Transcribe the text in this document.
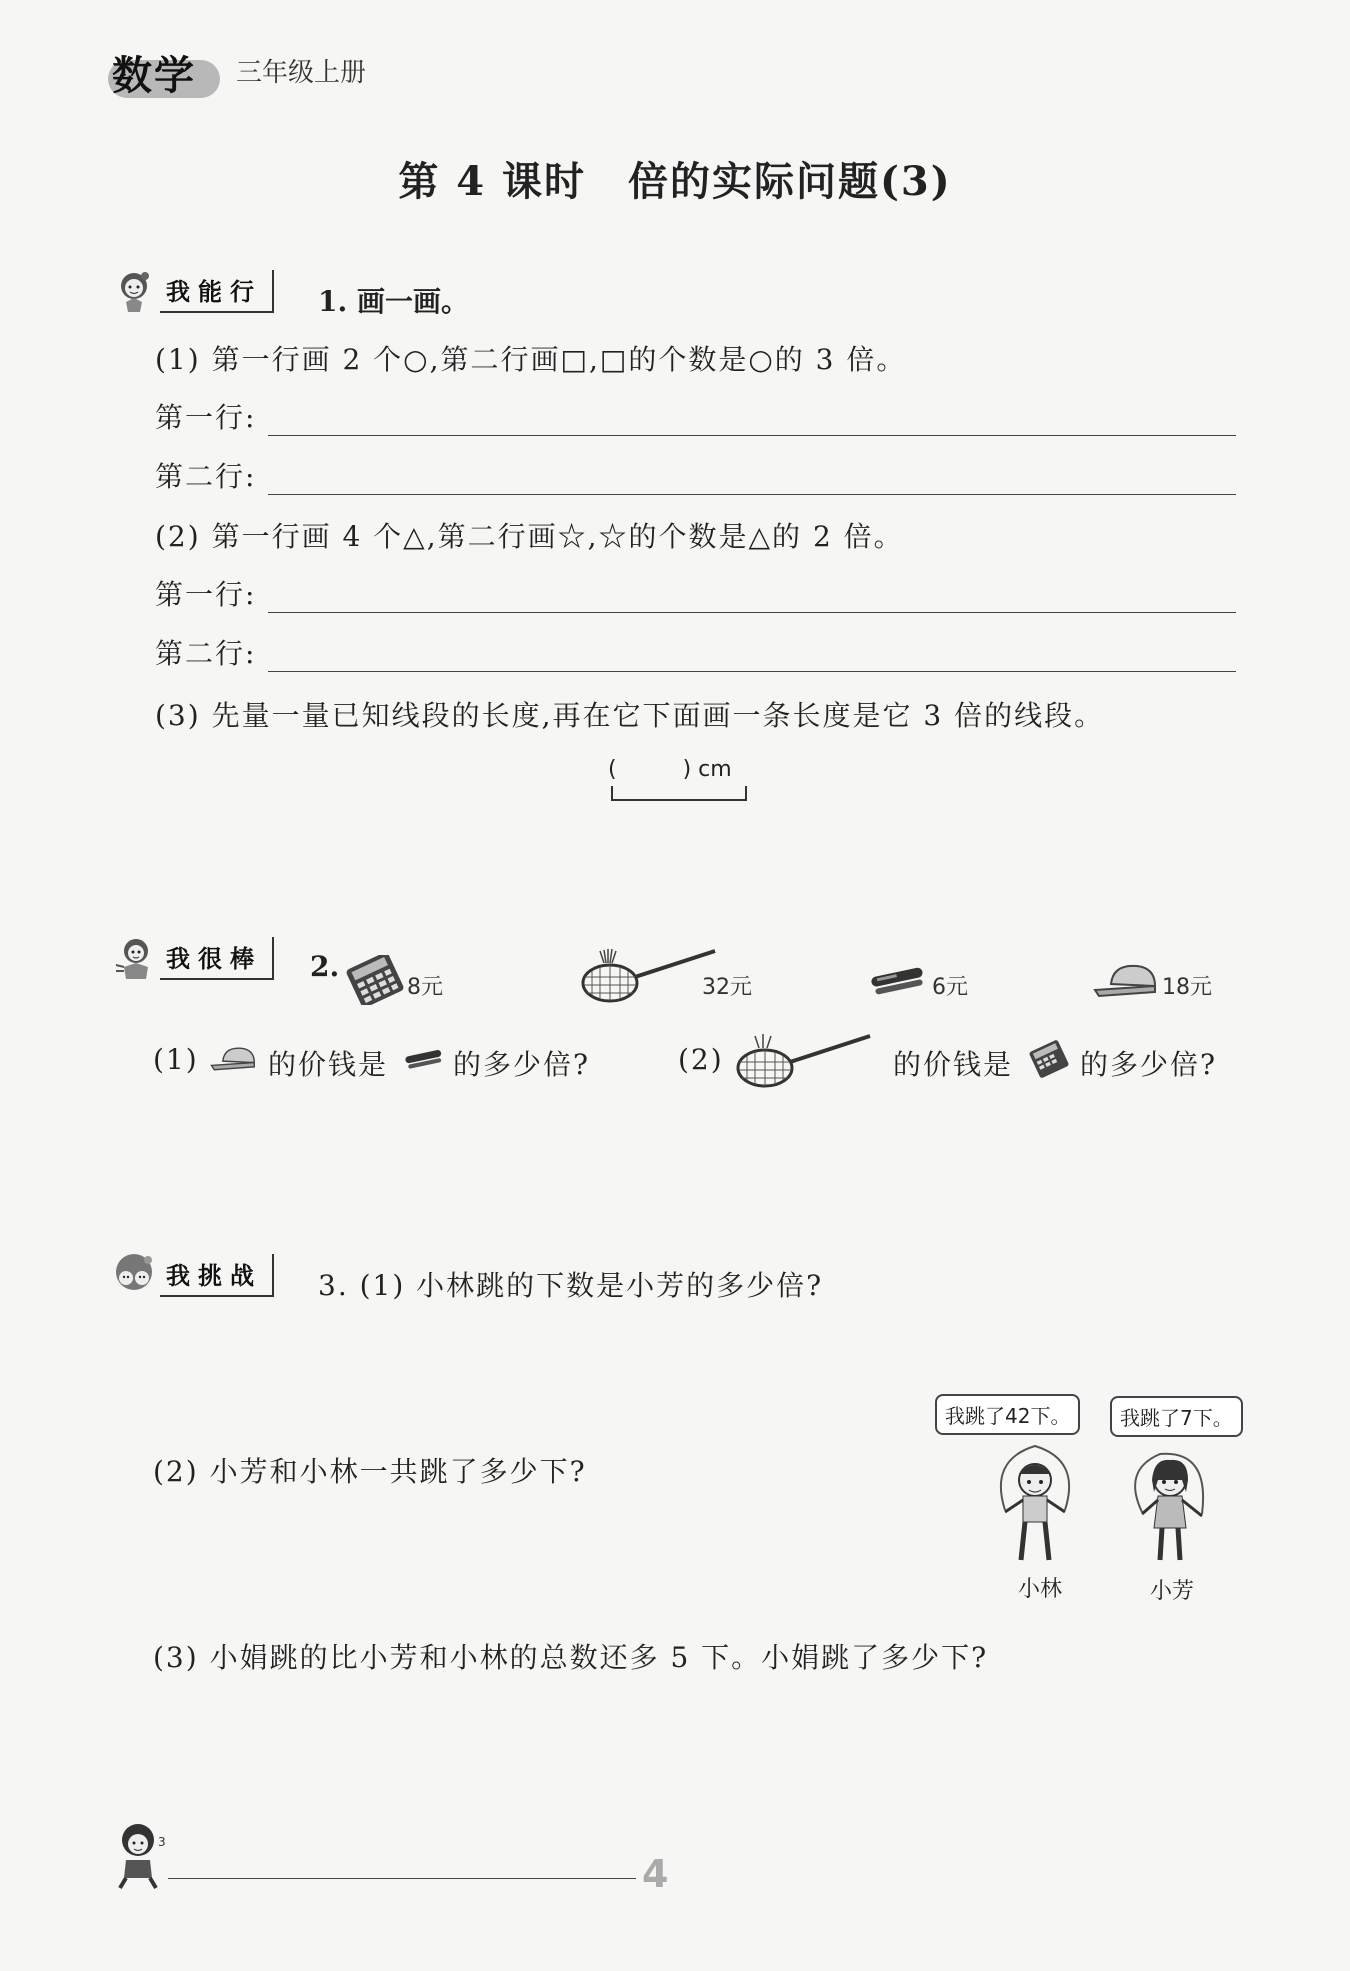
数学	三年级上册
第 4 课时　倍的实际问题(3)
我能行	1. 画一画。
(1) 第一行画 2 个○,第二行画□,□的个数是○的 3 倍。
第一行:
第二行:
(2) 第一行画 4 个△,第二行画☆,☆的个数是△的 2 倍。
第一行:
第二行:
(3) 先量一量已知线段的长度,再在它下面画一条长度是它 3 倍的线段。
(　　　) cm
我很棒	2.
8元	32元	6元	18元
(1) 的价钱是 的多少倍?	(2)	的价钱是 的多少倍?
我挑战	3. (1) 小林跳的下数是小芳的多少倍?
我跳了42下。	我跳了7下。
小林	小芳
(2) 小芳和小林一共跳了多少下?
(3) 小娟跳的比小芳和小林的总数还多 5 下。小娟跳了多少下?
3
4
